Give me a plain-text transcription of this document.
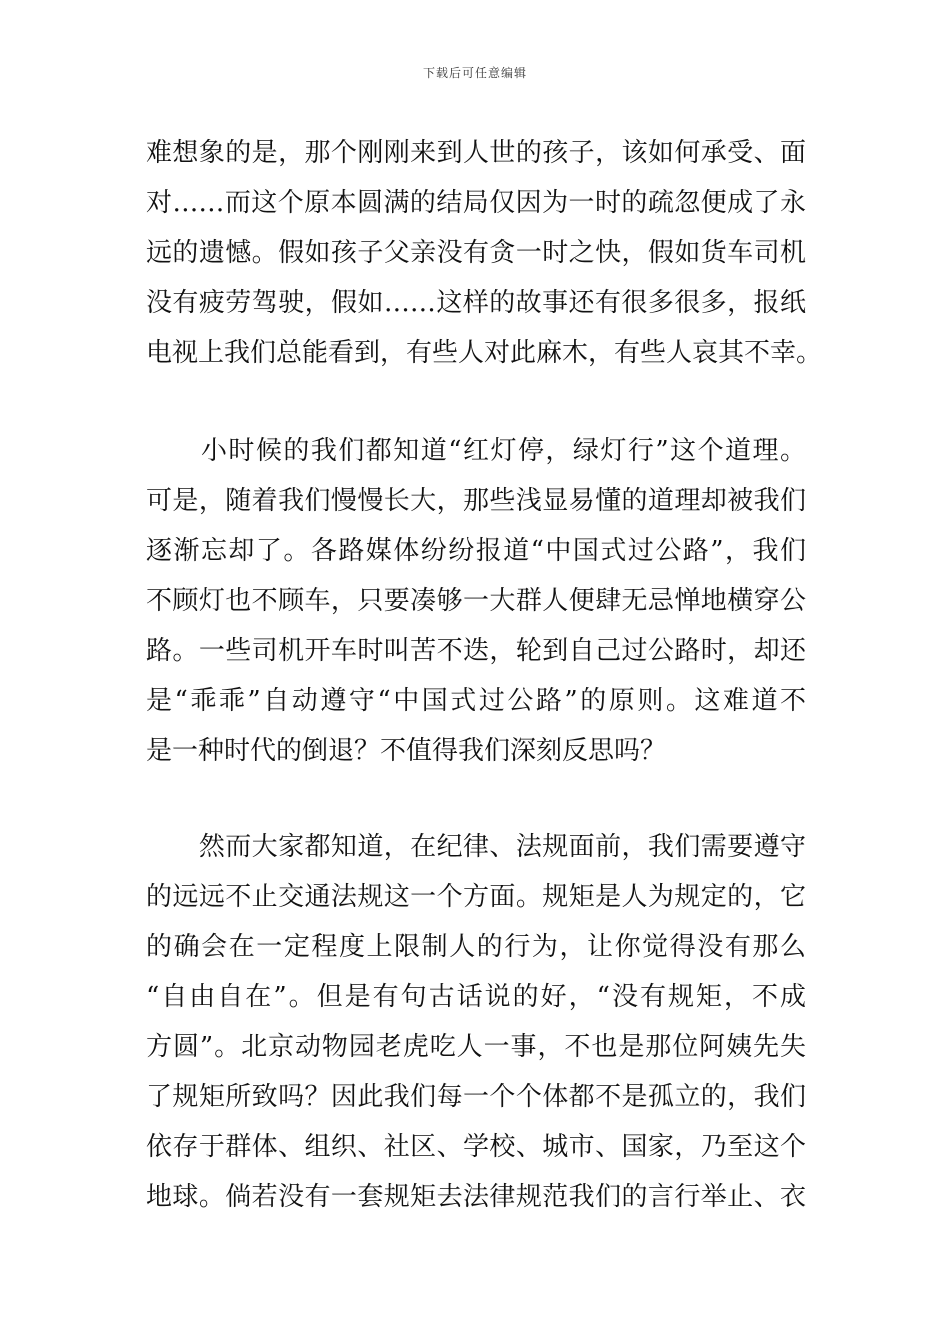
下载后可任意编辑
难想象的是，那个刚刚来到人世的孩子，该如何承受、面
对……而这个原本圆满的结局仅因为一时的疏忽便成了永
远的遗憾。假如孩子父亲没有贪一时之快，假如货车司机
没有疲劳驾驶，假如……这样的故事还有很多很多，报纸
电视上我们总能看到，有些人对此麻木，有些人哀其不幸。
　　小时候的我们都知道“红灯停，绿灯行”这个道理。
可是，随着我们慢慢长大，那些浅显易懂的道理却被我们
逐渐忘却了。各路媒体纷纷报道“中国式过公路”，我们
不顾灯也不顾车，只要凑够一大群人便肆无忌惮地横穿公
路。一些司机开车时叫苦不迭，轮到自己过公路时，却还
是“乖乖”自动遵守“中国式过公路”的原则。这难道不
是一种时代的倒退？不值得我们深刻反思吗？
　　然而大家都知道，在纪律、法规面前，我们需要遵守
的远远不止交通法规这一个方面。规矩是人为规定的，它
的确会在一定程度上限制人的行为，让你觉得没有那么
“自由自在”。但是有句古话说的好，“没有规矩，不成
方圆”。北京动物园老虎吃人一事，不也是那位阿姨先失
了规矩所致吗？因此我们每一个个体都不是孤立的，我们
依存于群体、组织、社区、学校、城市、国家，乃至这个
地球。倘若没有一套规矩去法律规范我们的言行举止、衣
